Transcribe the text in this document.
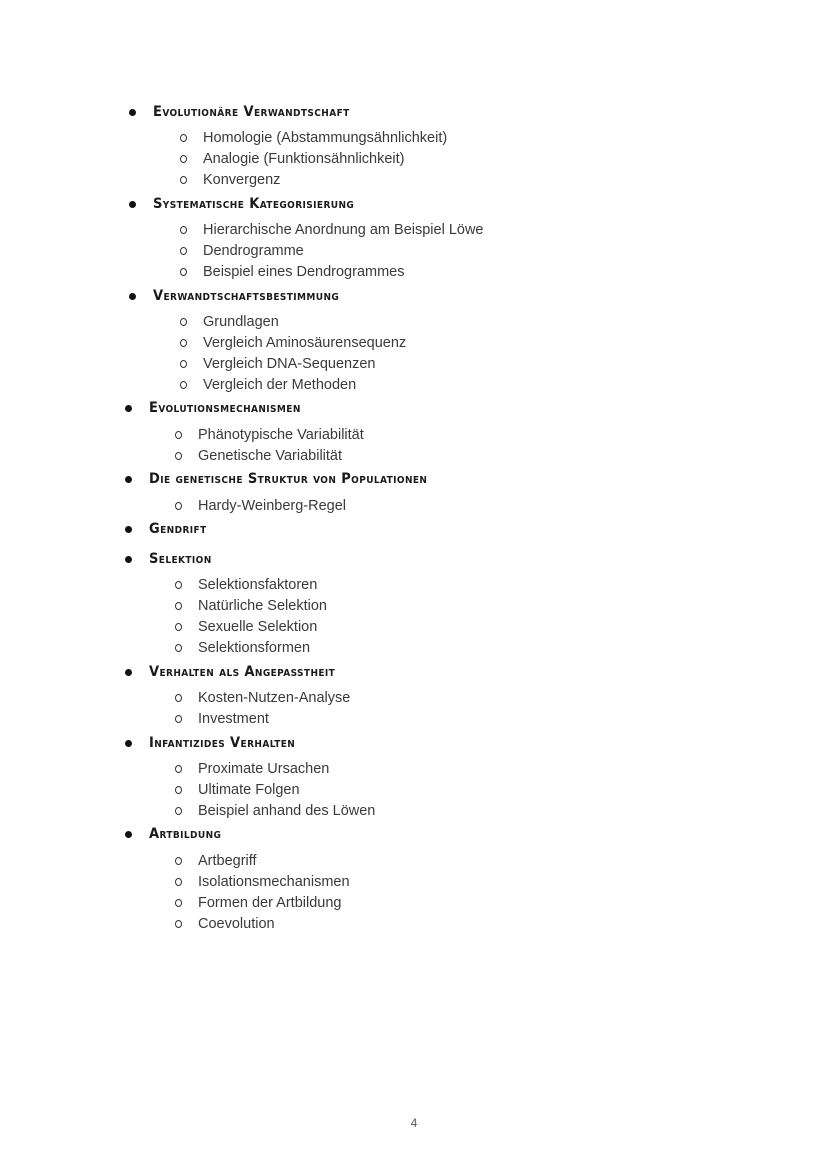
Evolutionäre Verwandtschaft
Homologie (Abstammungsähnlichkeit)
Analogie (Funktionsähnlichkeit)
Konvergenz
Systematische Kategorisierung
Hierarchische Anordnung am Beispiel Löwe
Dendrogramme
Beispiel eines Dendrogrammes
Verwandtschaftsbestimmung
Grundlagen
Vergleich Aminosäurensequenz
Vergleich DNA-Sequenzen
Vergleich der Methoden
Evolutionsmechanismen
Phänotypische Variabilität
Genetische Variabilität
Die genetische Struktur von Populationen
Hardy-Weinberg-Regel
Gendrift
Selektion
Selektionsfaktoren
Natürliche Selektion
Sexuelle Selektion
Selektionsformen
Verhalten als Angepasstheit
Kosten-Nutzen-Analyse
Investment
Infantizides Verhalten
Proximate Ursachen
Ultimate Folgen
Beispiel anhand des Löwen
Artbildung
Artbegriff
Isolationsmechanismen
Formen der Artbildung
Coevolution
4
